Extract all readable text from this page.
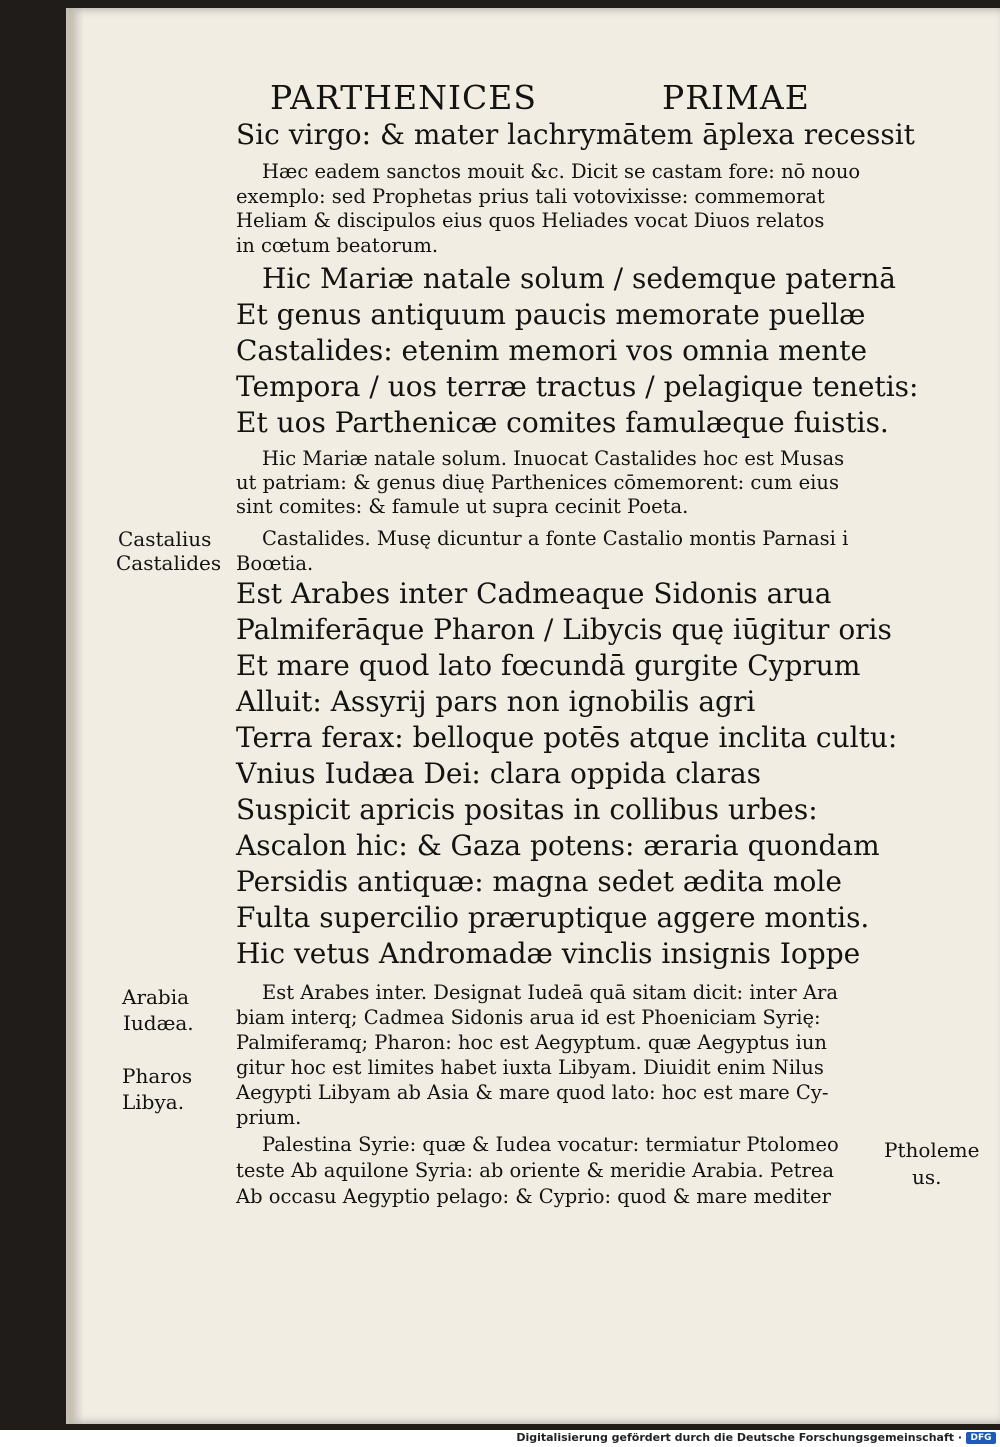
PARTHENICES	PRIMAE
Sic virgo: & mater lachrymātem āplexa recessit
Hæc eadem sanctos mouit &c. Dicit se castam fore: nō nouo
exemplo: sed Prophetas prius tali votovixisse: commemorat
Heliam & discipulos eius quos Heliades vocat Diuos relatos
in cœtum beatorum.
Hic Mariæ natale solum / sedemque paternā
Et genus antiquum paucis memorate puellæ
Castalides: etenim memori vos omnia mente
Tempora / uos terræ tractus / pelagique tenetis:
Et uos Parthenicæ comites famulæque fuistis.
Hic Mariæ natale solum. Inuocat Castalides hoc est Musas
ut patriam: & genus diuę Parthenices cōmemorent: cum eius
sint comites: & famule ut supra cecinit Poeta.
Castalides. Musę dicuntur a fonte Castalio montis Parnasi i
Boœtia.
Castalius
Castalides
Est Arabes inter Cadmeaque Sidonis arua
Palmiferāque Pharon / Libycis quę iūgitur oris
Et mare quod lato fœcundā gurgite Cyprum
Alluit: Assyrij pars non ignobilis agri
Terra ferax: belloque potēs atque inclita cultu:
Vnius Iudæa Dei: clara oppida claras
Suspicit apricis positas in collibus urbes:
Ascalon hic: & Gaza potens: æraria quondam
Persidis antiquæ: magna sedet ædita mole
Fulta supercilio præruptique aggere montis.
Hic vetus Andromadæ vinclis insignis Ioppe
Est Arabes inter. Designat Iudeā quā sitam dicit: inter Ara
biam interq; Cadmea Sidonis arua id est Phoeniciam Syrię:
Palmiferamq; Pharon: hoc est Aegyptum. quæ Aegyptus iun
gitur hoc est limites habet iuxta Libyam. Diuidit enim Nilus
Aegypti Libyam ab Asia & mare quod lato: hoc est mare Cy-
prium.
Palestina Syrie: quæ & Iudea vocatur: termiatur Ptolomeo
teste Ab aquilone Syria: ab oriente & meridie Arabia. Petrea
Ab occasu Aegyptio pelago: & Cyprio: quod & mare mediter
Arabia
Iudæa.
Pharos
Libya.
Ptholeme
us.
Digitalisierung gefördert durch die Deutsche Forschungsgemeinschaft · DFG
